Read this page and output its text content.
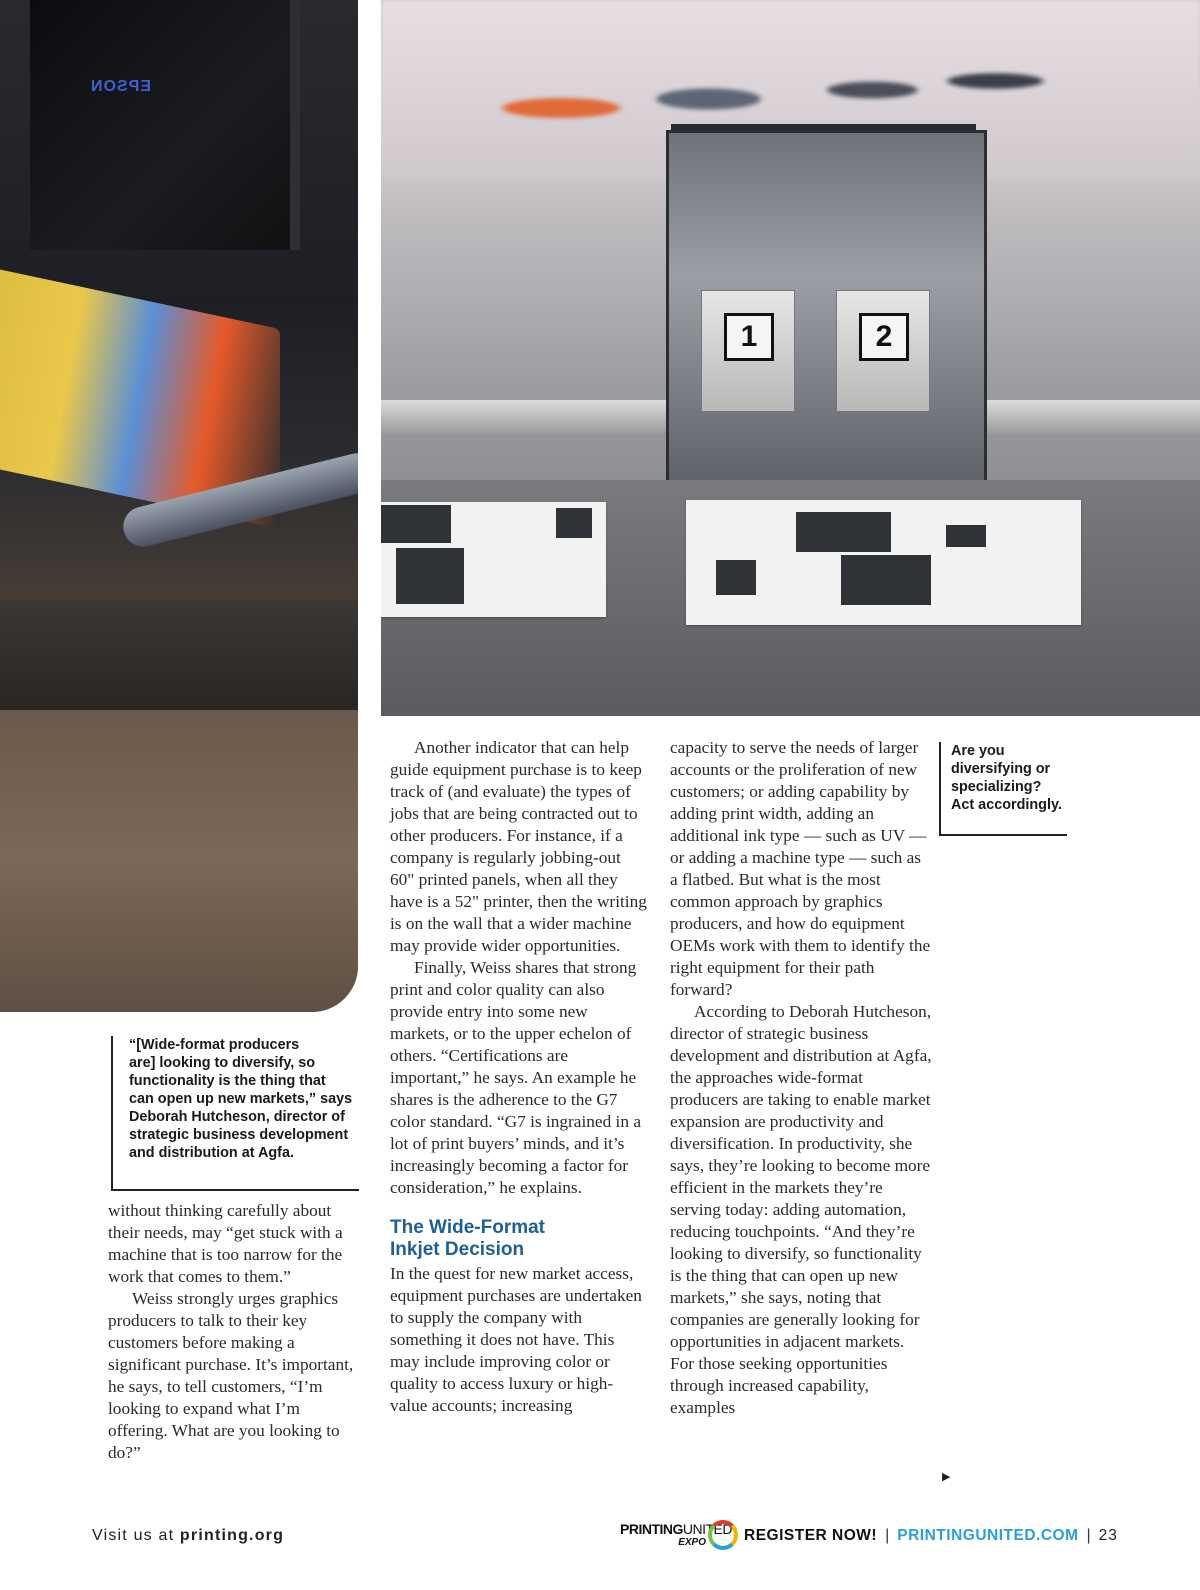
EPSON
1	2
“[Wide-format producers
are] looking to diversify, so
functionality is the thing that
can open up new markets,” says
Deborah Hutcheson, director of
strategic business development
and distribution at Agfa.

without thinking carefully about their needs, may “get stuck with a machine that is too narrow for the work that comes to them.”

Weiss strongly urges graphics producers to talk to their key customers before making a significant purchase. It’s important, he says, to tell customers, “I’m looking to expand what I’m offering. What are you looking to do?”

Another indicator that can help guide equipment purchase is to keep track of (and evaluate) the types of jobs that are being contracted out to other producers. For instance, if a company is regularly jobbing-out 60" printed panels, when all they have is a 52" printer, then the writing is on the wall that a wider machine may provide wider opportunities.

Finally, Weiss shares that strong print and color quality can also provide entry into some new markets, or to the upper echelon of others. “Certifications are important,” he says. An example he shares is the adherence to the G7 color standard. “G7 is ingrained in a lot of print buyers’ minds, and it’s increasingly becoming a factor for consideration,” he explains.

The Wide-Format
Inkjet Decision

In the quest for new market access, equipment purchases are undertaken to supply the company with something it does not have. This may include improving color or quality to access luxury or high-value accounts; increasing

capacity to serve the needs of larger accounts or the proliferation of new customers; or adding capability by adding print width, adding an additional ink type — such as UV — or adding a machine type — such as a flatbed. But what is the most common approach by graphics producers, and how do equipment OEMs work with them to identify the right equipment for their path forward?

According to Deborah Hutcheson, director of strategic business development and distribution at Agfa, the approaches wide-format producers are taking to enable market expansion are productivity and diversification. In productivity, she says, they’re looking to become more efficient in the markets they’re serving today: adding automation, reducing touchpoints. “And they’re looking to diversify, so functionality is the thing that can open up new markets,” she says, noting that companies are generally looking for opportunities in adjacent markets. For those seeking opportunities through increased capability, examples

Are you
diversifying or
specializing?
Act accordingly.
▶
Visit us at printing.org	PRINTINGUNITED
EXPO	REGISTER NOW! | PRINTINGUNITED.COM | 23
